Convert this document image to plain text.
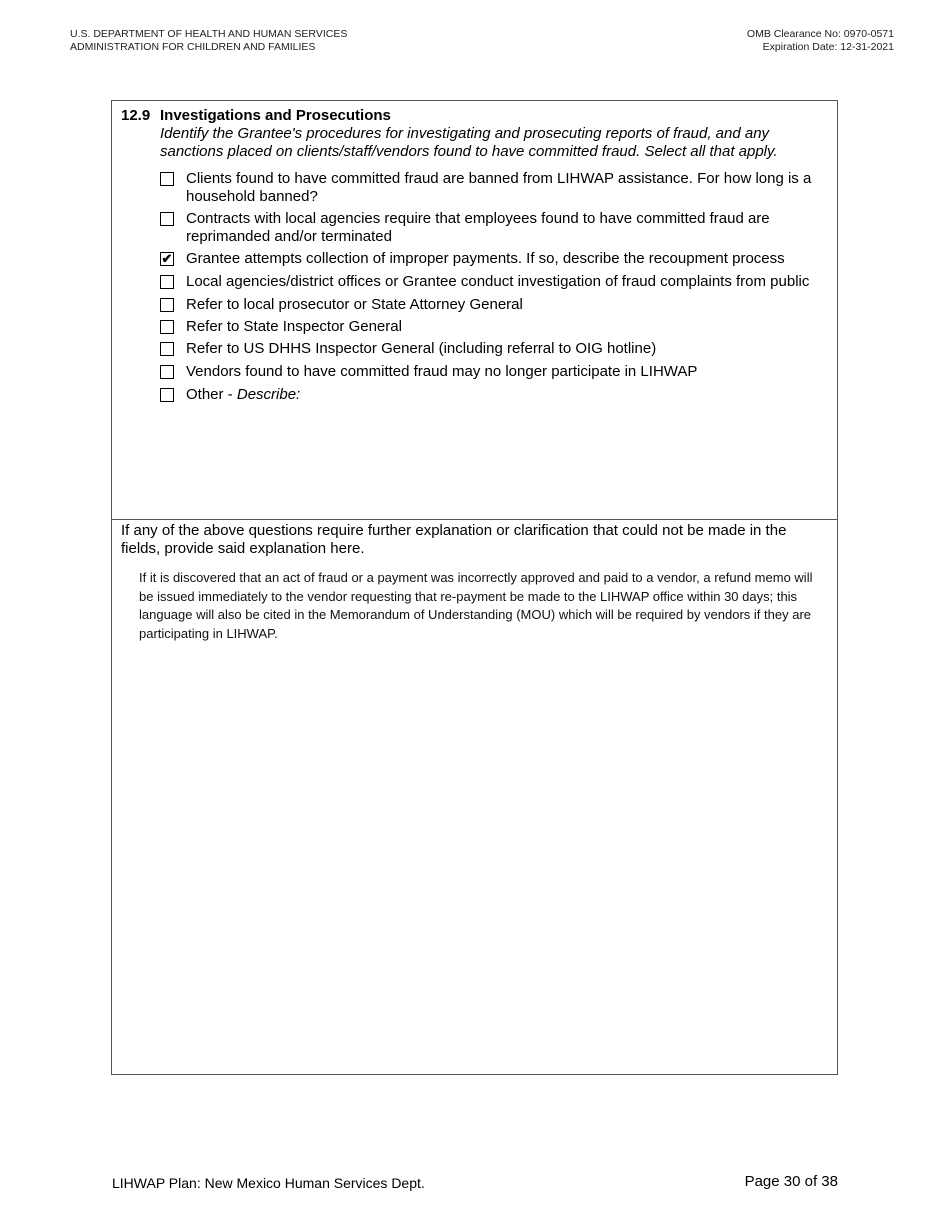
U.S. DEPARTMENT OF HEALTH AND HUMAN SERVICES
ADMINISTRATION FOR CHILDREN AND FAMILIES
OMB Clearance No: 0970-0571
Expiration Date: 12-31-2021
12.9 Investigations and Prosecutions
Identify the Grantee's procedures for investigating and prosecuting reports of fraud, and any sanctions placed on clients/staff/vendors found to have committed fraud. Select all that apply.
Clients found to have committed fraud are banned from LIHWAP assistance. For how long is a household banned?
Contracts with local agencies require that employees found to have committed fraud are reprimanded and/or terminated
✔ Grantee attempts collection of improper payments. If so, describe the recoupment process
Local agencies/district offices or Grantee conduct investigation of fraud complaints from public
Refer to local prosecutor or State Attorney General
Refer to State Inspector General
Refer to US DHHS Inspector General (including referral to OIG hotline)
Vendors found to have committed fraud may no longer participate in LIHWAP
Other - Describe:
If any of the above questions require further explanation or clarification that could not be made in the fields, provide said explanation here.
If it is discovered that an act of fraud or a payment was incorrectly approved and paid to a vendor, a refund memo will be issued immediately to the vendor requesting that re-payment be made to the LIHWAP office within 30 days; this language will also be cited in the Memorandum of Understanding (MOU) which will be required by vendors if they are participating in LIHWAP.
LIHWAP Plan: New Mexico Human Services Dept.	Page 30 of 38
